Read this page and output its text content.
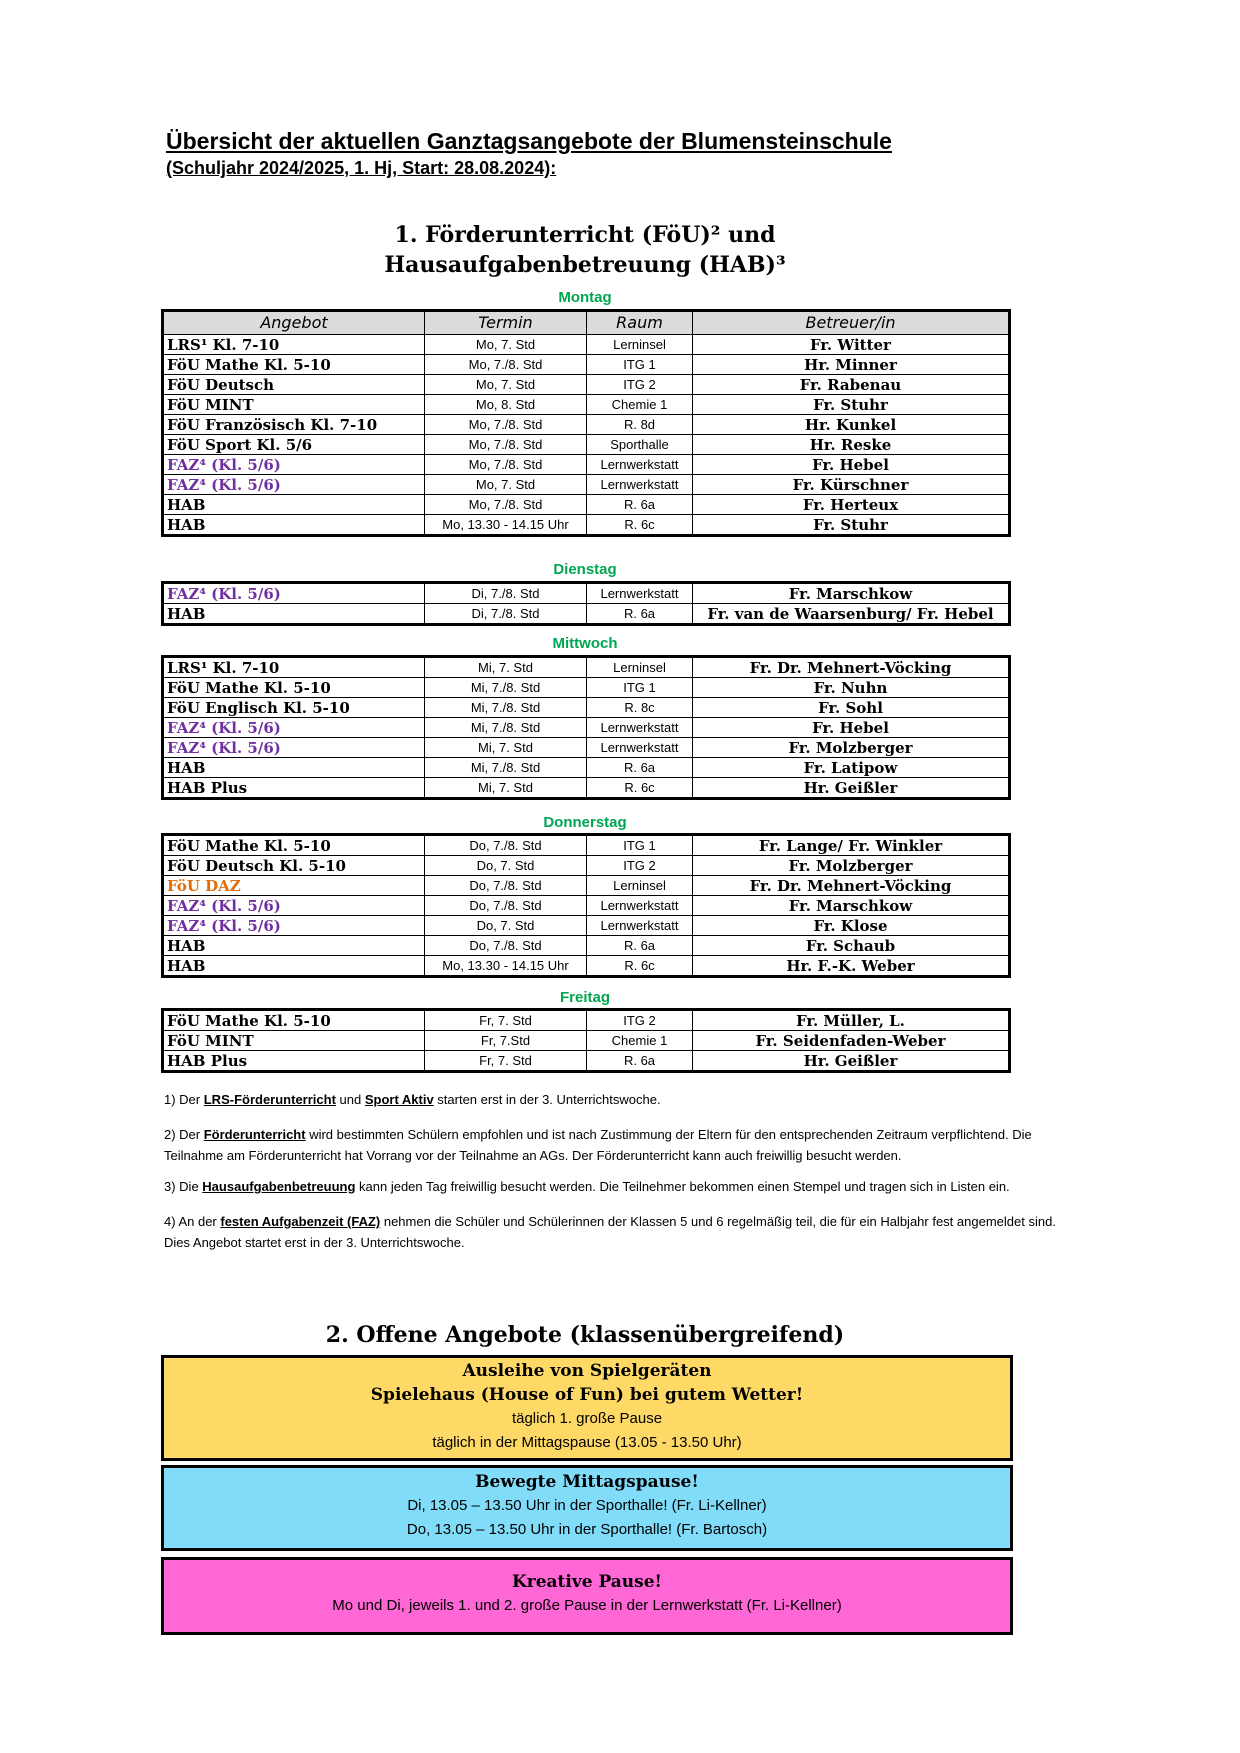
Übersicht der aktuellen Ganztagsangebote der Blumensteinschule
(Schuljahr 2024/2025, 1. Hj, Start: 28.08.2024):
1. Förderunterricht (FöU)² und
Hausaufgabenbetreuung (HAB)³
Montag
Angebot	Termin	Raum	Betreuer/in
LRS¹ Kl. 7-10	Mo, 7. Std	Lerninsel	Fr. Witter
FöU Mathe Kl. 5-10	Mo, 7./8. Std	ITG 1	Hr. Minner
FöU Deutsch	Mo, 7. Std	ITG 2	Fr. Rabenau
FöU MINT	Mo, 8. Std	Chemie 1	Fr. Stuhr
FöU Französisch Kl. 7-10	Mo, 7./8. Std	R. 8d	Hr. Kunkel
FöU Sport Kl. 5/6	Mo, 7./8. Std	Sporthalle	Hr. Reske
FAZ⁴ (Kl. 5/6)	Mo, 7./8. Std	Lernwerkstatt	Fr. Hebel
FAZ⁴ (Kl. 5/6)	Mo, 7. Std	Lernwerkstatt	Fr. Kürschner
HAB	Mo, 7./8. Std	R. 6a	Fr. Herteux
HAB	Mo, 13.30 - 14.15 Uhr	R. 6c	Fr. Stuhr
Dienstag
FAZ⁴ (Kl. 5/6)	Di, 7./8. Std	Lernwerkstatt	Fr. Marschkow
HAB	Di, 7./8. Std	R. 6a	Fr. van de Waarsenburg/ Fr. Hebel
Mittwoch
LRS¹ Kl. 7-10	Mi, 7. Std	Lerninsel	Fr. Dr. Mehnert-Vöcking
FöU Mathe Kl. 5-10	Mi, 7./8. Std	ITG 1	Fr. Nuhn
FöU Englisch Kl. 5-10	Mi, 7./8. Std	R. 8c	Fr. Sohl
FAZ⁴ (Kl. 5/6)	Mi, 7./8. Std	Lernwerkstatt	Fr. Hebel
FAZ⁴ (Kl. 5/6)	Mi, 7. Std	Lernwerkstatt	Fr. Molzberger
HAB	Mi, 7./8. Std	R. 6a	Fr. Latipow
HAB Plus	Mi, 7. Std	R. 6c	Hr. Geißler
Donnerstag
FöU Mathe Kl. 5-10	Do, 7./8. Std	ITG 1	Fr. Lange/ Fr. Winkler
FöU Deutsch Kl. 5-10	Do, 7. Std	ITG 2	Fr. Molzberger
FöU DAZ	Do, 7./8. Std	Lerninsel	Fr. Dr. Mehnert-Vöcking
FAZ⁴ (Kl. 5/6)	Do, 7./8. Std	Lernwerkstatt	Fr. Marschkow
FAZ⁴ (Kl. 5/6)	Do, 7. Std	Lernwerkstatt	Fr. Klose
HAB	Do, 7./8. Std	R. 6a	Fr. Schaub
HAB	Mo, 13.30 - 14.15 Uhr	R. 6c	Hr. F.-K. Weber
Freitag
FöU Mathe Kl. 5-10	Fr, 7. Std	ITG 2	Fr. Müller, L.
FöU MINT	Fr, 7.Std	Chemie 1	Fr. Seidenfaden-Weber
HAB Plus	Fr, 7. Std	R. 6a	Hr. Geißler

1) Der LRS-Förderunterricht und Sport Aktiv starten erst in der 3. Unterrichtswoche.

2) Der Förderunterricht wird bestimmten Schülern empfohlen und ist nach Zustimmung der Eltern für den entsprechenden Zeitraum verpflichtend. Die Teilnahme am Förderunterricht hat Vorrang vor der Teilnahme an AGs. Der Förderunterricht kann auch freiwillig besucht werden.

3) Die Hausaufgabenbetreuung kann jeden Tag freiwillig besucht werden. Die Teilnehmer bekommen einen Stempel und tragen sich in Listen ein.

4) An der festen Aufgabenzeit (FAZ) nehmen die Schüler und Schülerinnen der Klassen 5 und 6 regelmäßig teil, die für ein Halbjahr fest angemeldet sind. Dies Angebot startet erst in der 3. Unterrichtswoche.

2. Offene Angebote (klassenübergreifend)
Ausleihe von Spielgeräten
Spielehaus (House of Fun) bei gutem Wetter!
täglich 1. große Pause
täglich in der Mittagspause (13.05 - 13.50 Uhr)
Bewegte Mittagspause!
Di, 13.05 – 13.50 Uhr in der Sporthalle! (Fr. Li-Kellner)
Do, 13.05 – 13.50 Uhr in der Sporthalle! (Fr. Bartosch)
Kreative Pause!
Mo und Di, jeweils 1. und 2. große Pause in der Lernwerkstatt (Fr. Li-Kellner)
